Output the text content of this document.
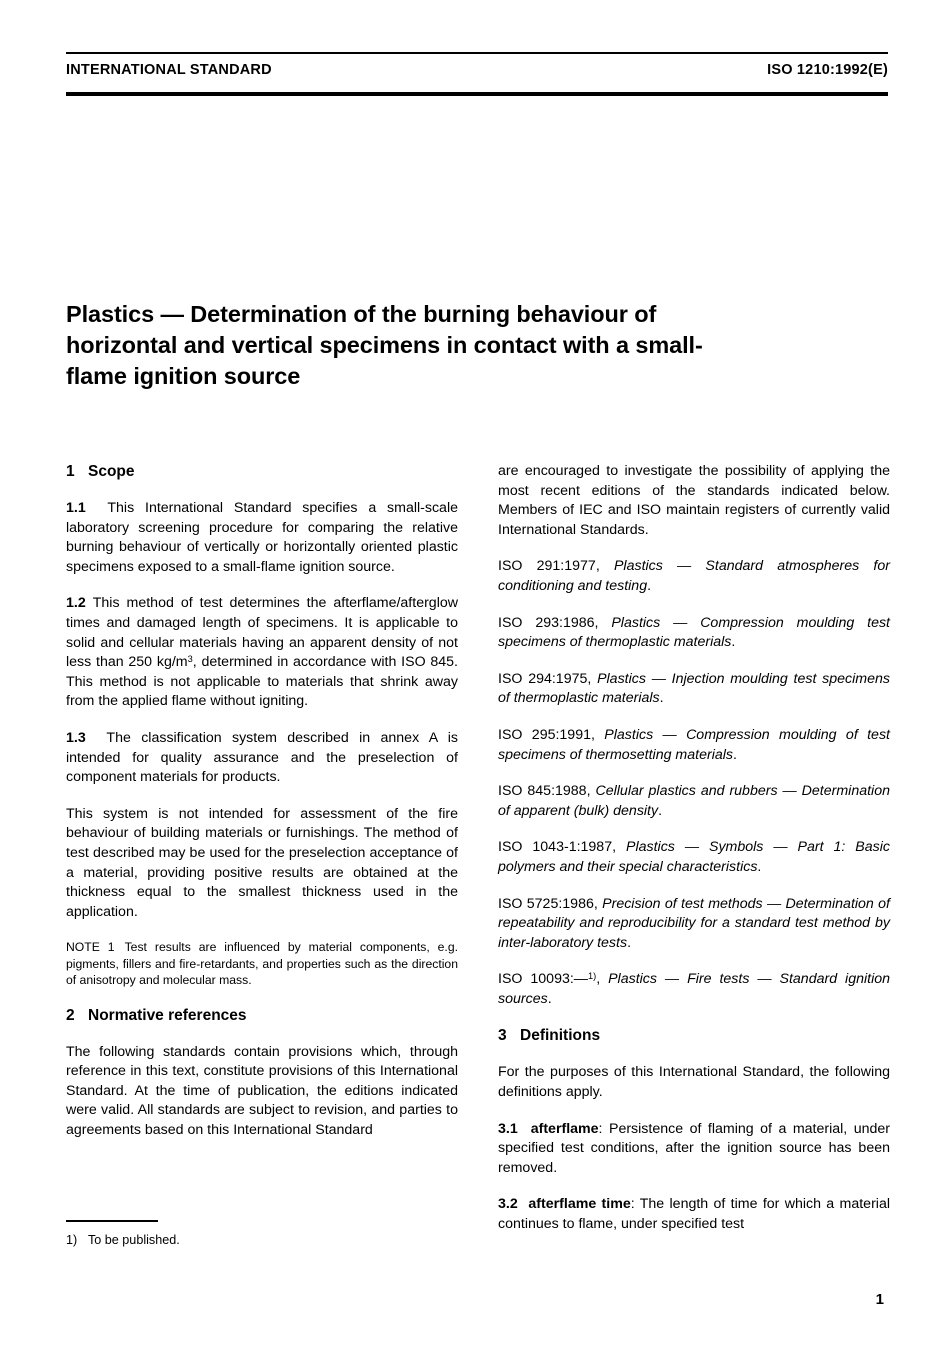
INTERNATIONAL STANDARD	ISO 1210:1992(E)
Plastics — Determination of the burning behaviour of horizontal and vertical specimens in contact with a small-flame ignition source
1 Scope

1.1 This International Standard specifies a small-scale laboratory screening procedure for comparing the relative burning behaviour of vertically or horizontally oriented plastic specimens exposed to a small-flame ignition source.

1.2 This method of test determines the afterflame/afterglow times and damaged length of specimens. It is applicable to solid and cellular materials having an apparent density of not less than 250 $kg/m^3$, determined in accordance with ISO 845. This method is not applicable to materials that shrink away from the applied flame without igniting.

1.3 The classification system described in annex A is intended for quality assurance and the preselection of component materials for products.

This system is not intended for assessment of the fire behaviour of building materials or furnishings. The method of test described may be used for the preselection acceptance of a material, providing positive results are obtained at the thickness equal to the smallest thickness used in the application.

NOTE 1 Test results are influenced by material components, e.g. pigments, fillers and fire-retardants, and properties such as the direction of anisotropy and molecular mass.

2 Normative references

The following standards contain provisions which, through reference in this text, constitute provisions of this International Standard. At the time of publication, the editions indicated were valid. All standards are subject to revision, and parties to agreements based on this International Standard

are encouraged to investigate the possibility of applying the most recent editions of the standards indicated below. Members of IEC and ISO maintain registers of currently valid International Standards.

ISO 291:1977, Plastics — Standard atmospheres for conditioning and testing.

ISO 293:1986, Plastics — Compression moulding test specimens of thermoplastic materials.

ISO 294:1975, Plastics — Injection moulding test specimens of thermoplastic materials.

ISO 295:1991, Plastics — Compression moulding of test specimens of thermosetting materials.

ISO 845:1988, Cellular plastics and rubbers — Determination of apparent (bulk) density.

ISO 1043-1:1987, Plastics — Symbols — Part 1: Basic polymers and their special characteristics.

ISO 5725:1986, Precision of test methods — Determination of repeatability and reproducibility for a standard test method by inter-laboratory tests.

ISO 10093:—$^{1)}$, Plastics — Fire tests — Standard ignition sources.

3 Definitions

For the purposes of this International Standard, the following definitions apply.

3.1 afterflame: Persistence of flaming of a material, under specified test conditions, after the ignition source has been removed.

3.2 afterflame time: The length of time for which a material continues to flame, under specified test

1) To be published.
1
